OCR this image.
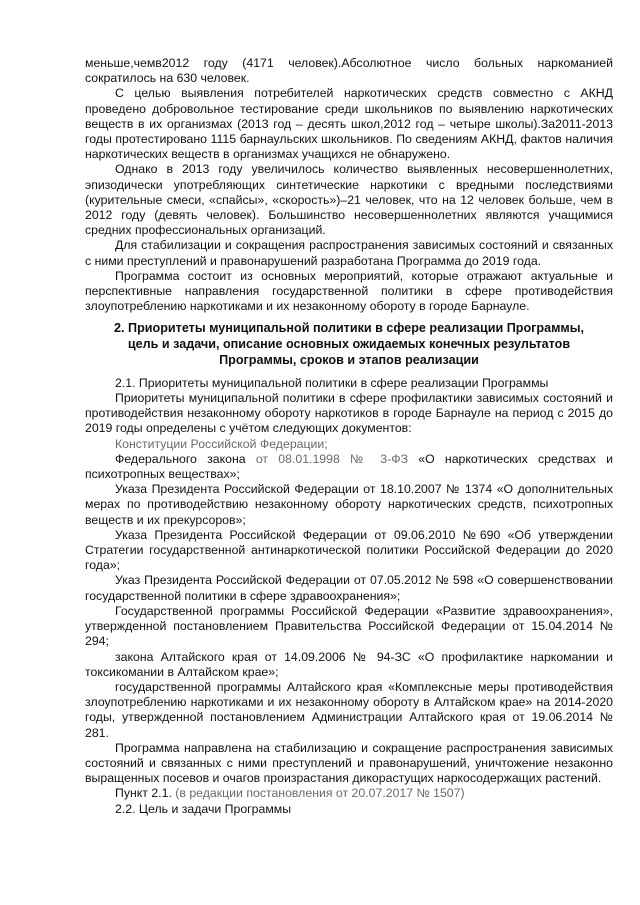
меньше,чемв2012 году (4171 человек).Абсолютное число больных наркоманией сократилось на 630 человек.

С целью выявления потребителей наркотических средств совместно с АКНД проведено добровольное тестирование среди школьников по выявлению наркотических веществ в их организмах (2013 год – десять школ,2012 год – четыре школы).За2011-2013 годы протестировано 1115 барнаульских школьников. По сведениям АКНД, фактов наличия наркотических веществ в организмах учащихся не обнаружено.

Однако в 2013 году увеличилось количество выявленных несовершеннолетних, эпизодически употребляющих синтетические наркотики с вредными последствиями (курительные смеси, «спайсы», «скорость»)–21 человек, что на 12 человек больше, чем в 2012 году (девять человек). Большинство несовершеннолетних являются учащимися средних профессиональных организаций.

Для стабилизации и сокращения распространения зависимых состояний и связанных с ними преступлений и правонарушений разработана Программа до 2019 года.

Программа состоит из основных мероприятий, которые отражают актуальные и перспективные направления государственной политики в сфере противодействия злоупотреблению наркотиками и их незаконному обороту в городе Барнауле.

2. Приоритеты муниципальной политики в сфере реализации Программы, цель и задачи, описание основных ожидаемых конечных результатов Программы, сроков и этапов реализации

2.1. Приоритеты муниципальной политики в сфере реализации Программы

Приоритеты муниципальной политики в сфере профилактики зависимых состояний и противодействия незаконному обороту наркотиков в городе Барнауле на период с 2015 до 2019 годы определены с учётом следующих документов:

Конституции Российской Федерации;

Федерального закона от 08.01.1998 № 3-ФЗ «О наркотических средствах и психотропных веществах»;

Указа Президента Российской Федерации от 18.10.2007 № 1374 «О дополнительных мерах по противодействию незаконному обороту наркотических средств, психотропных веществ и их прекурсоров»;

Указа Президента Российской Федерации от 09.06.2010 №690 «Об утверждении Стратегии государственной антинаркотической политики Российской Федерации до 2020 года»;

Указ Президента Российской Федерации от 07.05.2012 № 598 «О совершенствовании государственной политики в сфере здравоохранения»;

Государственной программы Российской Федерации «Развитие здравоохранения», утвержденной постановлением Правительства Российской Федерации от 15.04.2014 № 294;

закона Алтайского края от 14.09.2006 № 94-ЗС «О профилактике наркомании и токсикомании в Алтайском крае»;

государственной программы Алтайского края «Комплексные меры противодействия злоупотреблению наркотиками и их незаконному обороту в Алтайском крае» на 2014-2020 годы, утвержденной постановлением Администрации Алтайского края от 19.06.2014 № 281.

Программа направлена на стабилизацию и сокращение распространения зависимых состояний и связанных с ними преступлений и правонарушений, уничтожение незаконно выращенных посевов и очагов произрастания дикорастущих наркосодержащих растений.

Пункт 2.1. (в редакции постановления от 20.07.2017 № 1507)

2.2. Цель и задачи Программы
